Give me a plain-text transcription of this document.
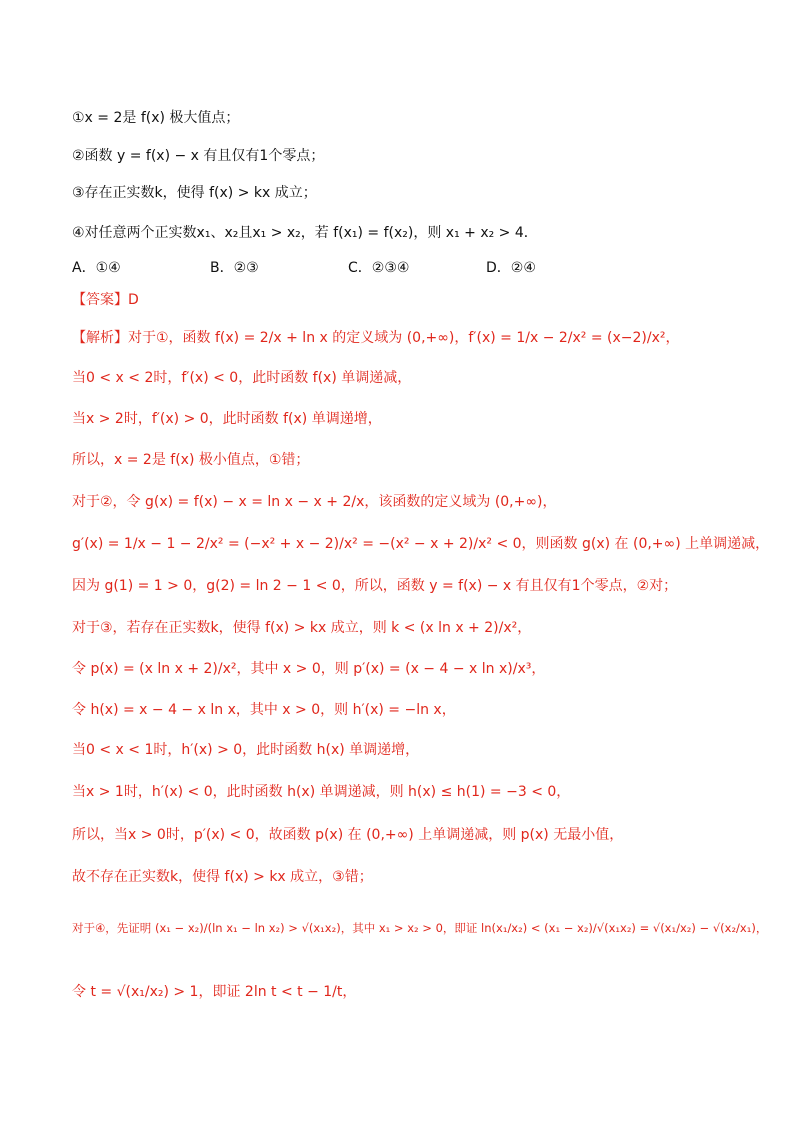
①x = 2是 f(x) 极大值点；
②函数 y = f(x) − x 有且仅有1个零点；
③存在正实数k，使得 f(x) > kx 成立；
④对任意两个正实数x₁、x₂且x₁ > x₂，若 f(x₁) = f(x₂)，则 x₁ + x₂ > 4．
A．①④	B．②③	C．②③④	D．②④
【答案】D
【解析】对于①，函数 f(x) = 2/x + ln x 的定义域为 (0,+∞)，f′(x) = 1/x − 2/x² = (x−2)/x²，
当0 < x < 2时，f′(x) < 0，此时函数 f(x) 单调递减，
当x > 2时，f′(x) > 0，此时函数 f(x) 单调递增，
所以，x = 2是 f(x) 极小值点，①错；
对于②，令 g(x) = f(x) − x = ln x − x + 2/x，该函数的定义域为 (0,+∞)，
g′(x) = 1/x − 1 − 2/x² = (−x² + x − 2)/x² = −(x² − x + 2)/x² < 0，则函数 g(x) 在 (0,+∞) 上单调递减，
因为 g(1) = 1 > 0，g(2) = ln 2 − 1 < 0，所以，函数 y = f(x) − x 有且仅有1个零点，②对；
对于③，若存在正实数k，使得 f(x) > kx 成立，则 k < (x ln x + 2)/x²，
令 p(x) = (x ln x + 2)/x²，其中 x > 0，则 p′(x) = (x − 4 − x ln x)/x³，
令 h(x) = x − 4 − x ln x，其中 x > 0，则 h′(x) = −ln x，
当0 < x < 1时，h′(x) > 0，此时函数 h(x) 单调递增，
当x > 1时，h′(x) < 0，此时函数 h(x) 单调递减，则 h(x) ≤ h(1) = −3 < 0，
所以，当x > 0时，p′(x) < 0，故函数 p(x) 在 (0,+∞) 上单调递减，则 p(x) 无最小值，
故不存在正实数k，使得 f(x) > kx 成立，③错；
对于④，先证明 (x₁ − x₂)/(ln x₁ − ln x₂) > √(x₁x₂)，其中 x₁ > x₂ > 0，即证 ln(x₁/x₂) < (x₁ − x₂)/√(x₁x₂) = √(x₁/x₂) − √(x₂/x₁)，
令 t = √(x₁/x₂) > 1，即证 2ln t < t − 1/t，
